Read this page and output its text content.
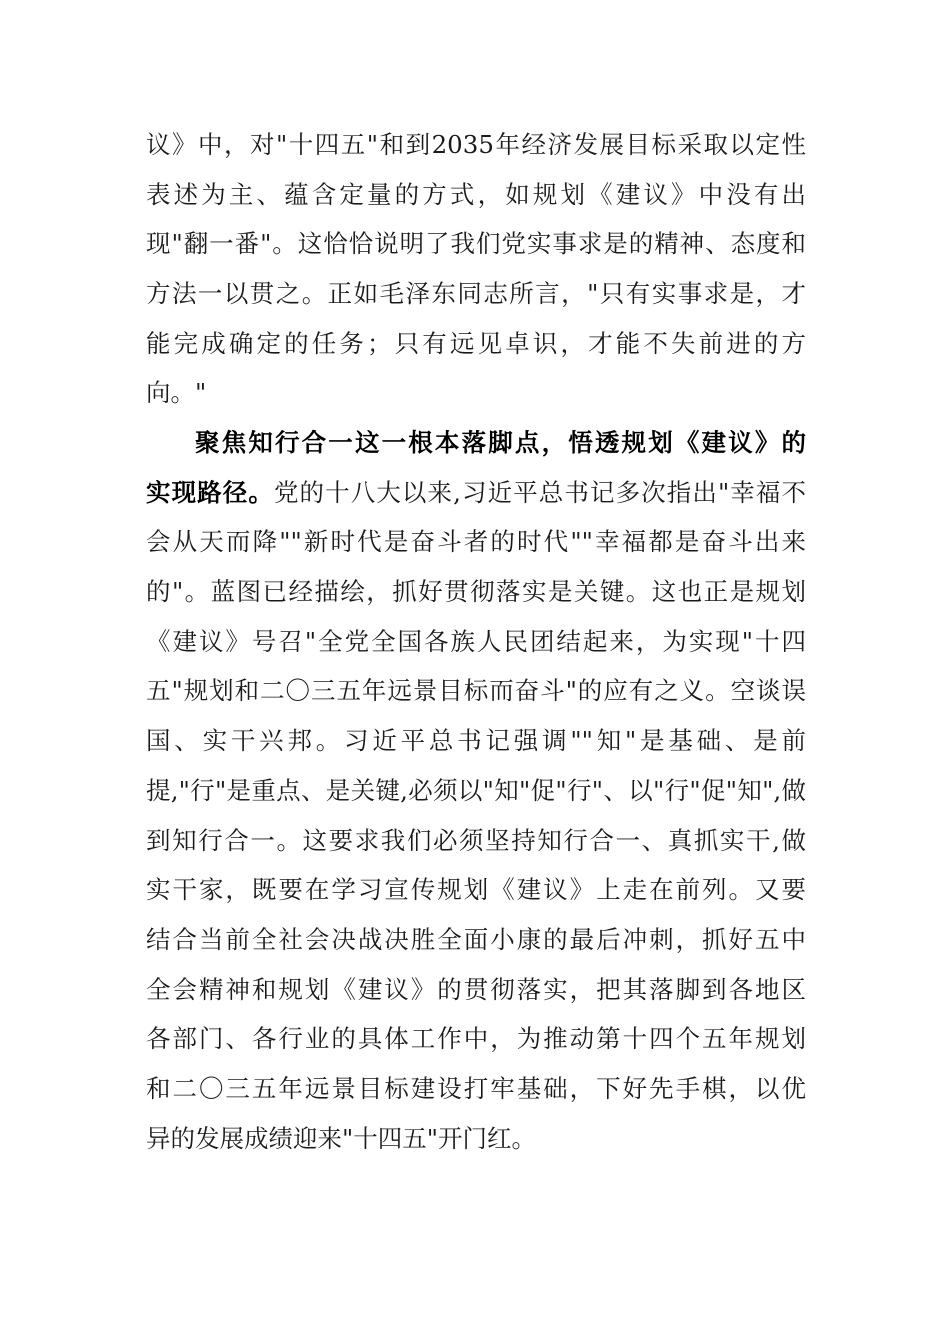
议》中，对"十四五"和到2035年经济发展目标采取以定性
表述为主、蕴含定量的方式，如规划《建议》中没有出
现"翻一番"。这恰恰说明了我们党实事求是的精神、态度和
方法一以贯之。正如毛泽东同志所言，"只有实事求是，才
能完成确定的任务；只有远见卓识，才能不失前进的方
向。"
聚焦知行合一这一根本落脚点，悟透规划《建议》的
实现路径。党的十八大以来,习近平总书记多次指出"幸福不
会从天而降""新时代是奋斗者的时代""幸福都是奋斗出来
的"。蓝图已经描绘，抓好贯彻落实是关键。这也正是规划
《建议》号召"全党全国各族人民团结起来，为实现"十四
五"规划和二〇三五年远景目标而奋斗"的应有之义。空谈误
国、实干兴邦。习近平总书记强调""知"是基础、是前
提,"行"是重点、是关键,必须以"知"促"行"、以"行"促"知",做
到知行合一。这要求我们必须坚持知行合一、真抓实干,做
实干家，既要在学习宣传规划《建议》上走在前列。又要
结合当前全社会决战决胜全面小康的最后冲刺，抓好五中
全会精神和规划《建议》的贯彻落实，把其落脚到各地区
各部门、各行业的具体工作中，为推动第十四个五年规划
和二〇三五年远景目标建设打牢基础，下好先手棋，以优
异的发展成绩迎来"十四五"开门红。
